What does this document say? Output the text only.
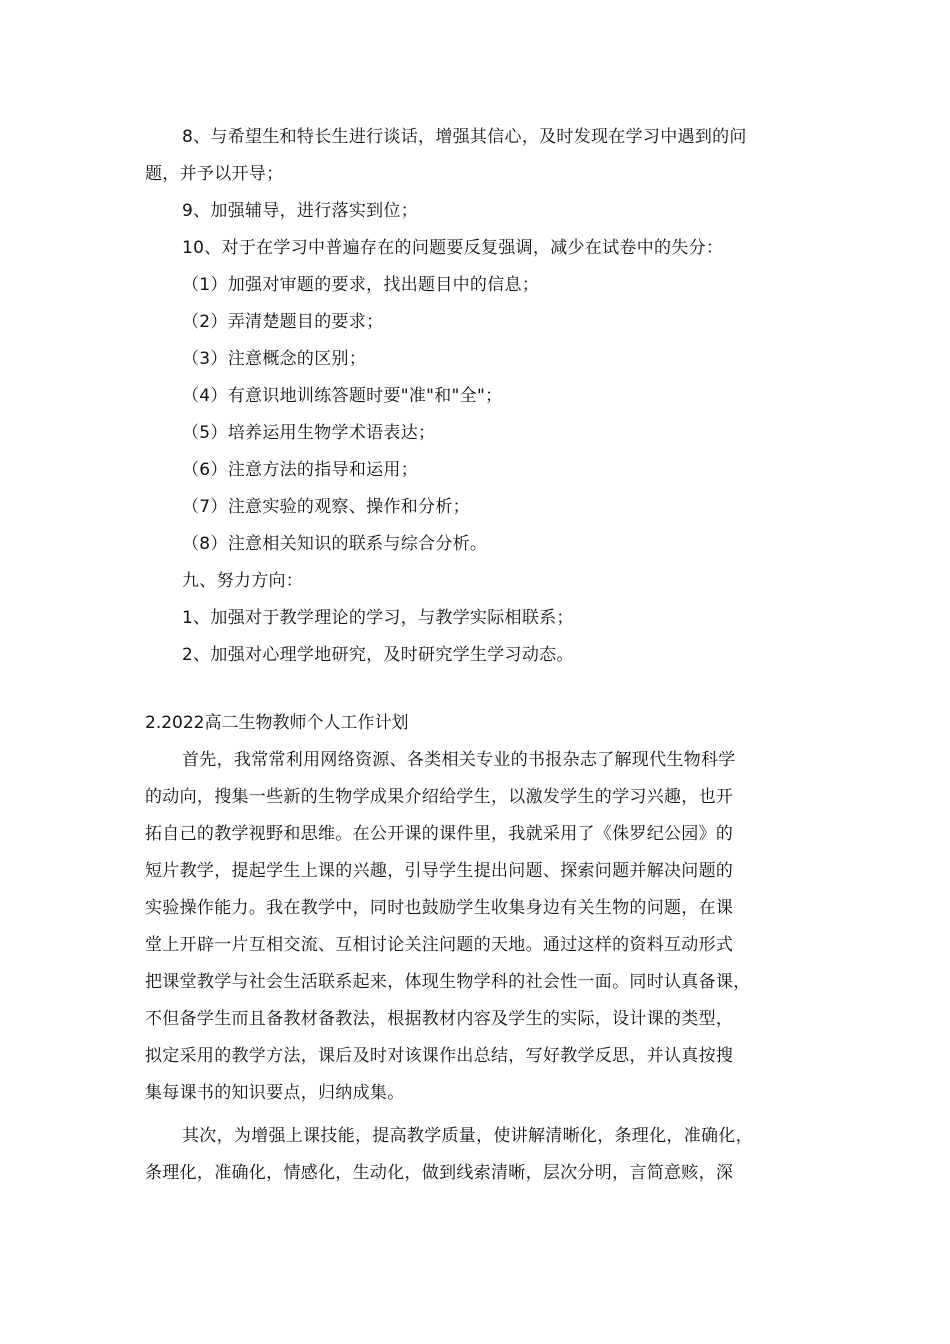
8、与希望生和特长生进行谈话，增强其信心，及时发现在学习中遇到的问
题，并予以开导；
9、加强辅导，进行落实到位；
10、对于在学习中普遍存在的问题要反复强调，减少在试卷中的失分：
（1）加强对审题的要求，找出题目中的信息；
（2）弄清楚题目的要求；
（3）注意概念的区别；
（4）有意识地训练答题时要"准"和"全"；
（5）培养运用生物学术语表达；
（6）注意方法的指导和运用；
（7）注意实验的观察、操作和分析；
（8）注意相关知识的联系与综合分析。
九、努力方向：
1、加强对于教学理论的学习，与教学实际相联系；
2、加强对心理学地研究，及时研究学生学习动态。
2.2022高二生物教师个人工作计划
首先，我常常利用网络资源、各类相关专业的书报杂志了解现代生物科学
的动向，搜集一些新的生物学成果介绍给学生，以激发学生的学习兴趣，也开
拓自己的教学视野和思维。在公开课的课件里，我就采用了《侏罗纪公园》的
短片教学，提起学生上课的兴趣，引导学生提出问题、探索问题并解决问题的
实验操作能力。我在教学中，同时也鼓励学生收集身边有关生物的问题，在课
堂上开辟一片互相交流、互相讨论关注问题的天地。通过这样的资料互动形式
把课堂教学与社会生活联系起来，体现生物学科的社会性一面。同时认真备课，
不但备学生而且备教材备教法，根据教材内容及学生的实际，设计课的类型，
拟定采用的教学方法，课后及时对该课作出总结，写好教学反思，并认真按搜
集每课书的知识要点，归纳成集。
其次，为增强上课技能，提高教学质量，使讲解清晰化，条理化，准确化，
条理化，准确化，情感化，生动化，做到线索清晰，层次分明，言简意赅，深
